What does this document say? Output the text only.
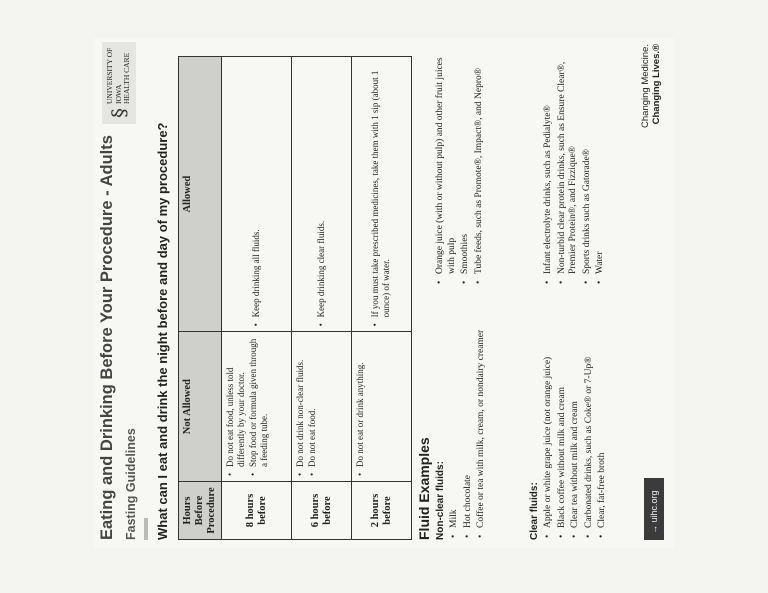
§
UNIVERSITY OF IOWA HEALTH CARE
Eating and Drinking Before Your Procedure - Adults Fasting Guidelines What can I eat and drink the night before and day of my procedure? Hours Before Procedure	Not Allowed	Allowed
8 hours before	• Do not eat food, unless told differently by your doctor. • Stop food or formula given through a feeding tube.	• Keep drinking all fluids.

6 hours before	• Do not drink non-clear fluids. • Do not eat food.	• Keep drinking clear fluids.

2 hours before	• Do not eat or drink anything.	• If you must take prescribed medicines, take them with 1 sip (about 1 ounce) of water.
Fluid Examples Non-clear fluids: • Milk • Hot chocolate • Coffee or tea with milk, cream, or nondairy creamer
• Orange juice (with or without pulp) and other fruit juices with pulp • Smoothies • Tube feeds, such as Promote®, Impact®, and Nepro®
Clear fluids: • Apple or white grape juice (not orange juice) • Black coffee without milk and cream • Clear tea without milk and cream • Carbonated drinks, such as Coke® or 7-Up® • Clear, fat-free broth
• Infant electrolyte drinks, such as Pedialyte® • Non-turbid clear protein drinks, such as Ensure Clear®, Premier Protein®, and Fizzique® • Sports drinks such as Gatorade® • Water
→ uihc.org
Changing Medicine. Changing Lives.®
